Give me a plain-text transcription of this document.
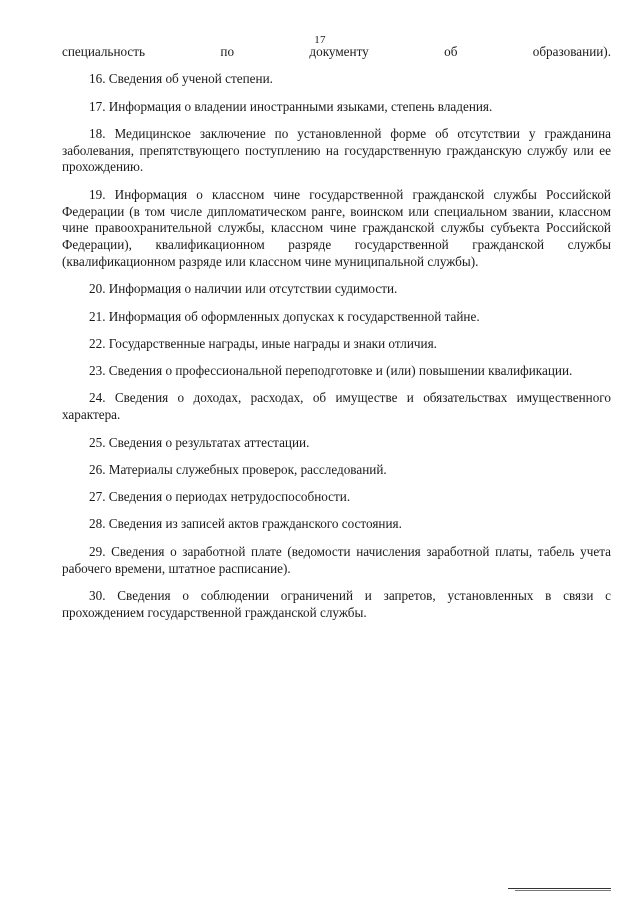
17

специальность по документу об образовании).

16. Сведения об ученой степени.

17. Информация о владении иностранными языками, степень владения.

18. Медицинское заключение по установленной форме об отсутствии у гражданина заболевания, препятствующего поступлению на государственную гражданскую службу или ее прохождению.

19. Информация о классном чине государственной гражданской службы Российской Федерации (в том числе дипломатическом ранге, воинском или специальном звании, классном чине правоохранительной службы, классном чине гражданской службы субъекта Российской Федерации), квалификационном разряде государственной гражданской службы (квалификационном разряде или классном чине муниципальной службы).

20. Информация о наличии или отсутствии судимости.

21. Информация об оформленных допусках к государственной тайне.

22. Государственные награды, иные награды и знаки отличия.

23. Сведения о профессиональной переподготовке и (или) повышении квалификации.

24. Сведения о доходах, расходах, об имуществе и обязательствах имущественного характера.

25. Сведения о результатах аттестации.

26. Материалы служебных проверок, расследований.

27. Сведения о периодах нетрудоспособности.

28. Сведения из записей актов гражданского состояния.

29. Сведения о заработной плате (ведомости начисления заработной платы, табель учета рабочего времени, штатное расписание).

30. Сведения о соблюдении ограничений и запретов, установленных в связи с прохождением государственной гражданской службы.
